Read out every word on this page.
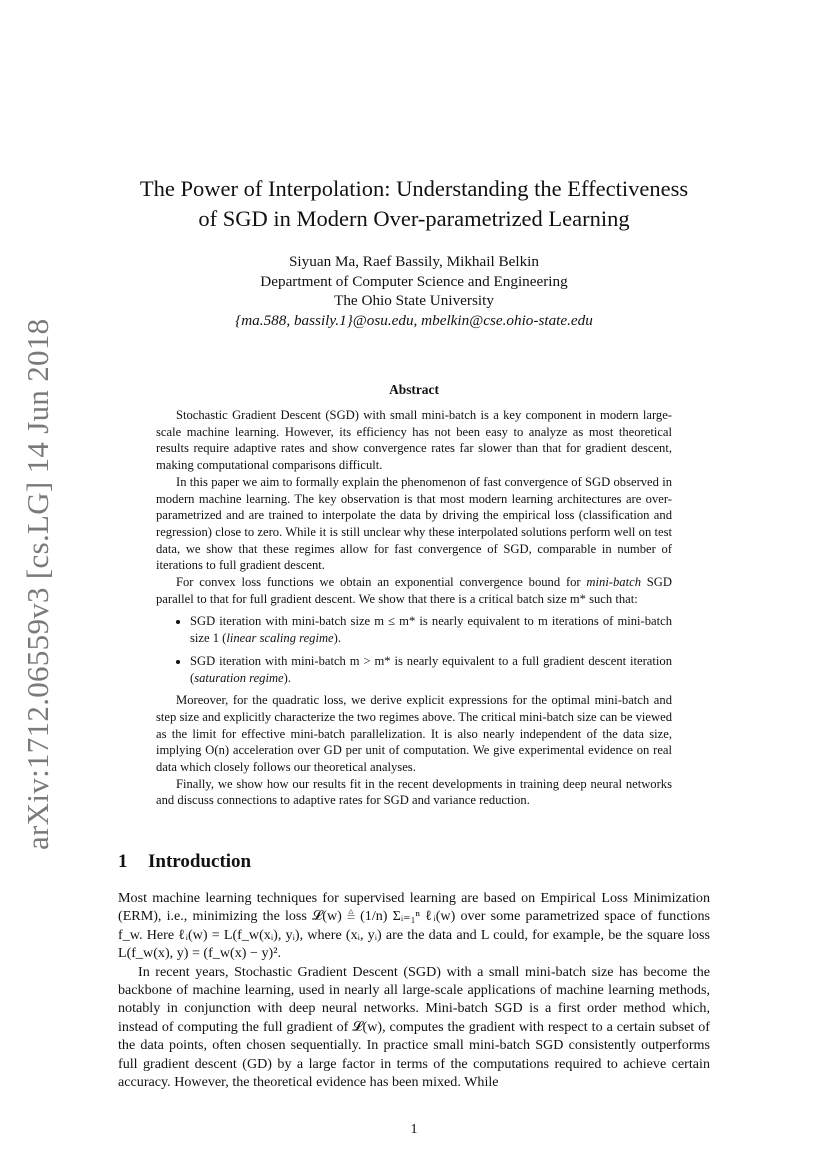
arXiv:1712.06559v3 [cs.LG] 14 Jun 2018
The Power of Interpolation: Understanding the Effectiveness
of SGD in Modern Over-parametrized Learning
Siyuan Ma, Raef Bassily, Mikhail Belkin
Department of Computer Science and Engineering
The Ohio State University
{ma.588, bassily.1}@osu.edu, mbelkin@cse.ohio-state.edu
Abstract

Stochastic Gradient Descent (SGD) with small mini-batch is a key component in modern large-scale machine learning. However, its efficiency has not been easy to analyze as most theoretical results require adaptive rates and show convergence rates far slower than that for gradient descent, making computational comparisons difficult.

In this paper we aim to formally explain the phenomenon of fast convergence of SGD observed in modern machine learning. The key observation is that most modern learning architectures are over-parametrized and are trained to interpolate the data by driving the empirical loss (classification and regression) close to zero. While it is still unclear why these interpolated solutions perform well on test data, we show that these regimes allow for fast convergence of SGD, comparable in number of iterations to full gradient descent.

For convex loss functions we obtain an exponential convergence bound for mini-batch SGD parallel to that for full gradient descent. We show that there is a critical batch size m* such that:

• SGD iteration with mini-batch size m ≤ m* is nearly equivalent to m iterations of mini-batch size 1 (linear scaling regime).
• SGD iteration with mini-batch m > m* is nearly equivalent to a full gradient descent iteration (saturation regime).

Moreover, for the quadratic loss, we derive explicit expressions for the optimal mini-batch and step size and explicitly characterize the two regimes above. The critical mini-batch size can be viewed as the limit for effective mini-batch parallelization. It is also nearly independent of the data size, implying O(n) acceleration over GD per unit of computation. We give experimental evidence on real data which closely follows our theoretical analyses.

Finally, we show how our results fit in the recent developments in training deep neural networks and discuss connections to adaptive rates for SGD and variance reduction.

1 Introduction

Most machine learning techniques for supervised learning are based on Empirical Loss Minimization (ERM), i.e., minimizing the loss 𝓛(w) ≜ (1/n) Σᵢ₌₁ⁿ ℓᵢ(w) over some parametrized space of functions f_w. Here ℓᵢ(w) = L(f_w(xᵢ), yᵢ), where (xᵢ, yᵢ) are the data and L could, for example, be the square loss L(f_w(x), y) = (f_w(x) − y)².

In recent years, Stochastic Gradient Descent (SGD) with a small mini-batch size has become the backbone of machine learning, used in nearly all large-scale applications of machine learning methods, notably in conjunction with deep neural networks. Mini-batch SGD is a first order method which, instead of computing the full gradient of 𝓛(w), computes the gradient with respect to a certain subset of the data points, often chosen sequentially. In practice small mini-batch SGD consistently outperforms full gradient descent (GD) by a large factor in terms of the computations required to achieve certain accuracy. However, the theoretical evidence has been mixed. While

1
